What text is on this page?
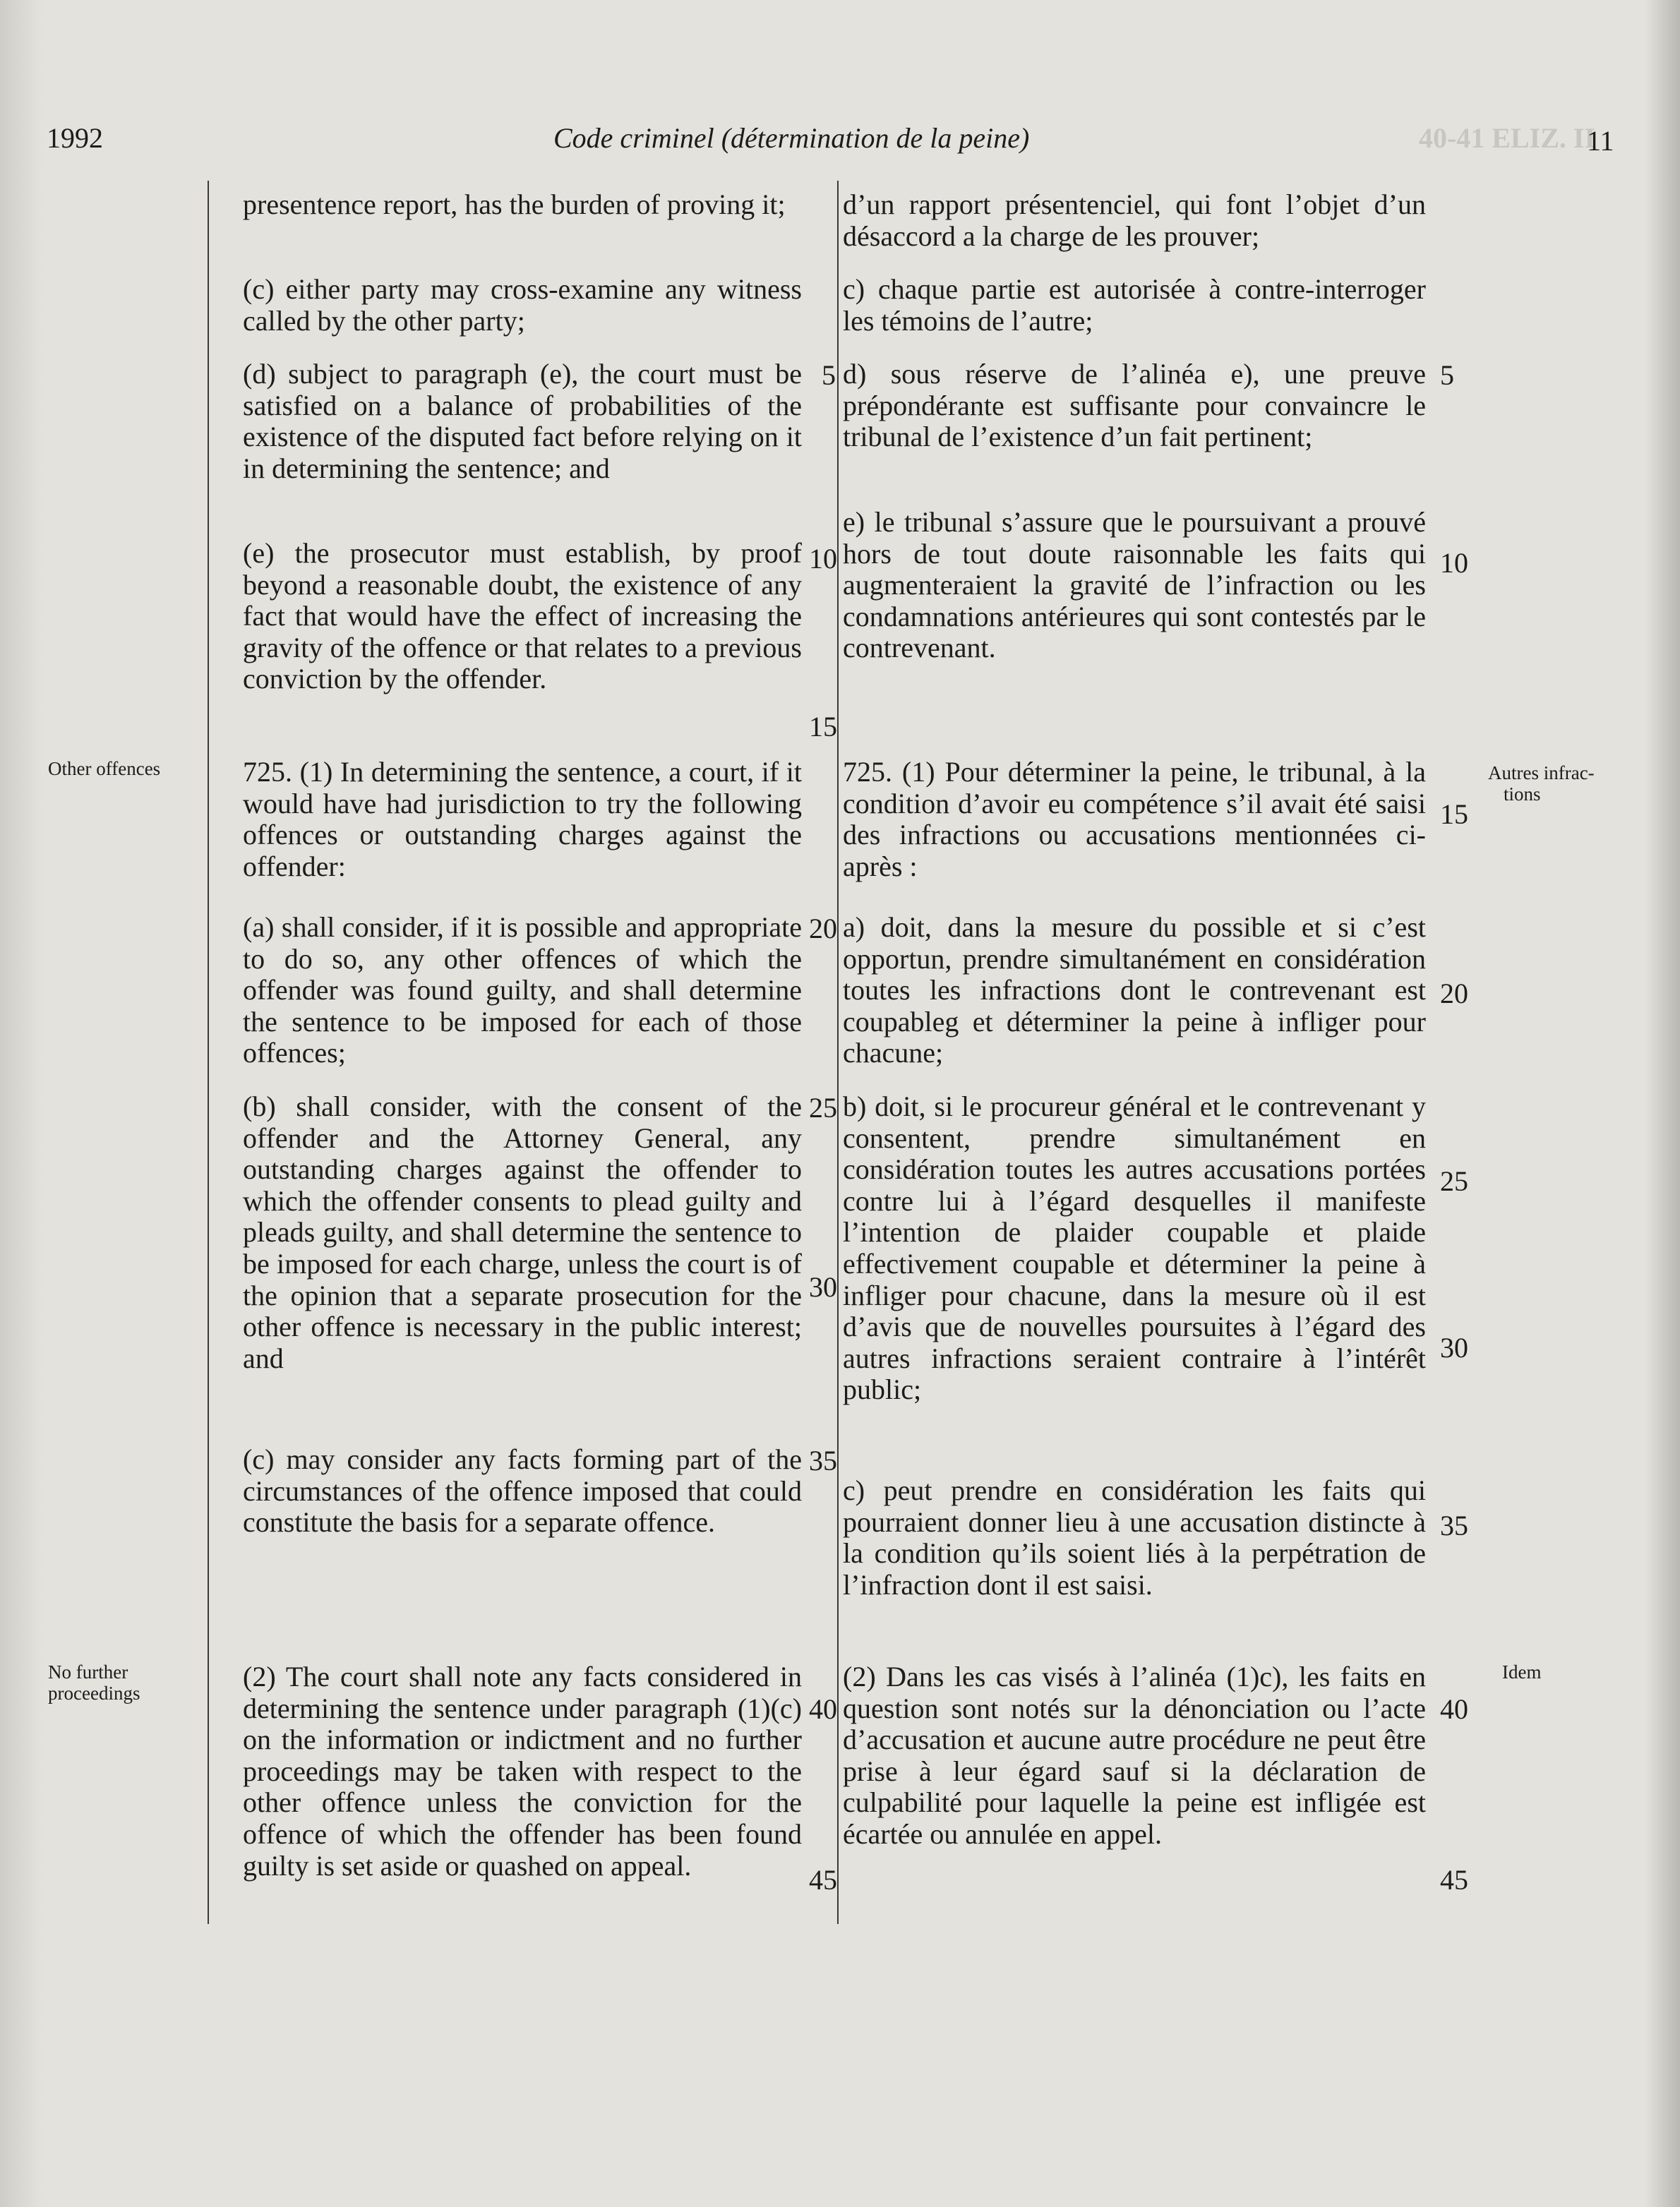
1992	Code criminel (détermination de la peine)	40-41 ELIZ. II
11
Other offences
No further
proceedings
Autres infrac-
tions
Idem

presentence report, has the burden of proving it;

(c) either party may cross-examine any witness called by the other party;

(d) subject to paragraph (e), the court must be satisfied on a balance of probabilities of the existence of the disputed fact before relying on it in determining the sentence; and

(e) the prosecutor must establish, by proof beyond a reasonable doubt, the existence of any fact that would have the effect of increasing the gravity of the offence or that relates to a previous conviction by the offender.

725. (1) In determining the sentence, a court, if it would have had jurisdiction to try the following offences or outstanding charges against the offender:

(a) shall consider, if it is possible and appropriate to do so, any other offences of which the offender was found guilty, and shall determine the sentence to be imposed for each of those offences;

(b) shall consider, with the consent of the offender and the Attorney General, any outstanding charges against the offender to which the offender consents to plead guilty and pleads guilty, and shall determine the sentence to be imposed for each charge, unless the court is of the opinion that a separate prosecution for the other offence is necessary in the public interest; and

(c) may consider any facts forming part of the circumstances of the offence imposed that could constitute the basis for a separate offence.

(2) The court shall note any facts considered in determining the sentence under paragraph (1)(c) on the information or indictment and no further proceedings may be taken with respect to the other offence unless the conviction for the offence of which the offender has been found guilty is set aside or quashed on appeal.

d’un rapport présentenciel, qui font l’objet d’un désaccord a la charge de les prouver;

c) chaque partie est autorisée à contre-interroger les témoins de l’autre;

d) sous réserve de l’alinéa e), une preuve prépondérante est suffisante pour convaincre le tribunal de l’existence d’un fait pertinent;

e) le tribunal s’assure que le poursuivant a prouvé hors de tout doute raisonnable les faits qui augmenteraient la gravité de l’infraction ou les condamnations antérieures qui sont contestés par le contrevenant.

725. (1) Pour déterminer la peine, le tribunal, à la condition d’avoir eu compétence s’il avait été saisi des infractions ou accusations mentionnées ci-après :

a) doit, dans la mesure du possible et si c’est opportun, prendre simultanément en considération toutes les infractions dont le contrevenant est coupableg et déterminer la peine à infliger pour chacune;

b) doit, si le procureur général et le contrevenant y consentent, prendre simultanément en considération toutes les autres accusations portées contre lui à l’égard desquelles il manifeste l’intention de plaider coupable et plaide effectivement coupable et déterminer la peine à infliger pour chacune, dans la mesure où il est d’avis que de nouvelles poursuites à l’égard des autres infractions seraient contraire à l’intérêt public;

c) peut prendre en considération les faits qui pourraient donner lieu à une accusation distincte à la condition qu’ils soient liés à la perpétration de l’infraction dont il est saisi.

(2) Dans les cas visés à l’alinéa (1)c), les faits en question sont notés sur la dénonciation ou l’acte d’accusation et aucune autre procédure ne peut être prise à leur égard sauf si la déclaration de culpabilité pour laquelle la peine est infligée est écartée ou annulée en appel.

5
10
15
20
25
30
35
40
45
5
10
15
20
25
30
35
40
45
